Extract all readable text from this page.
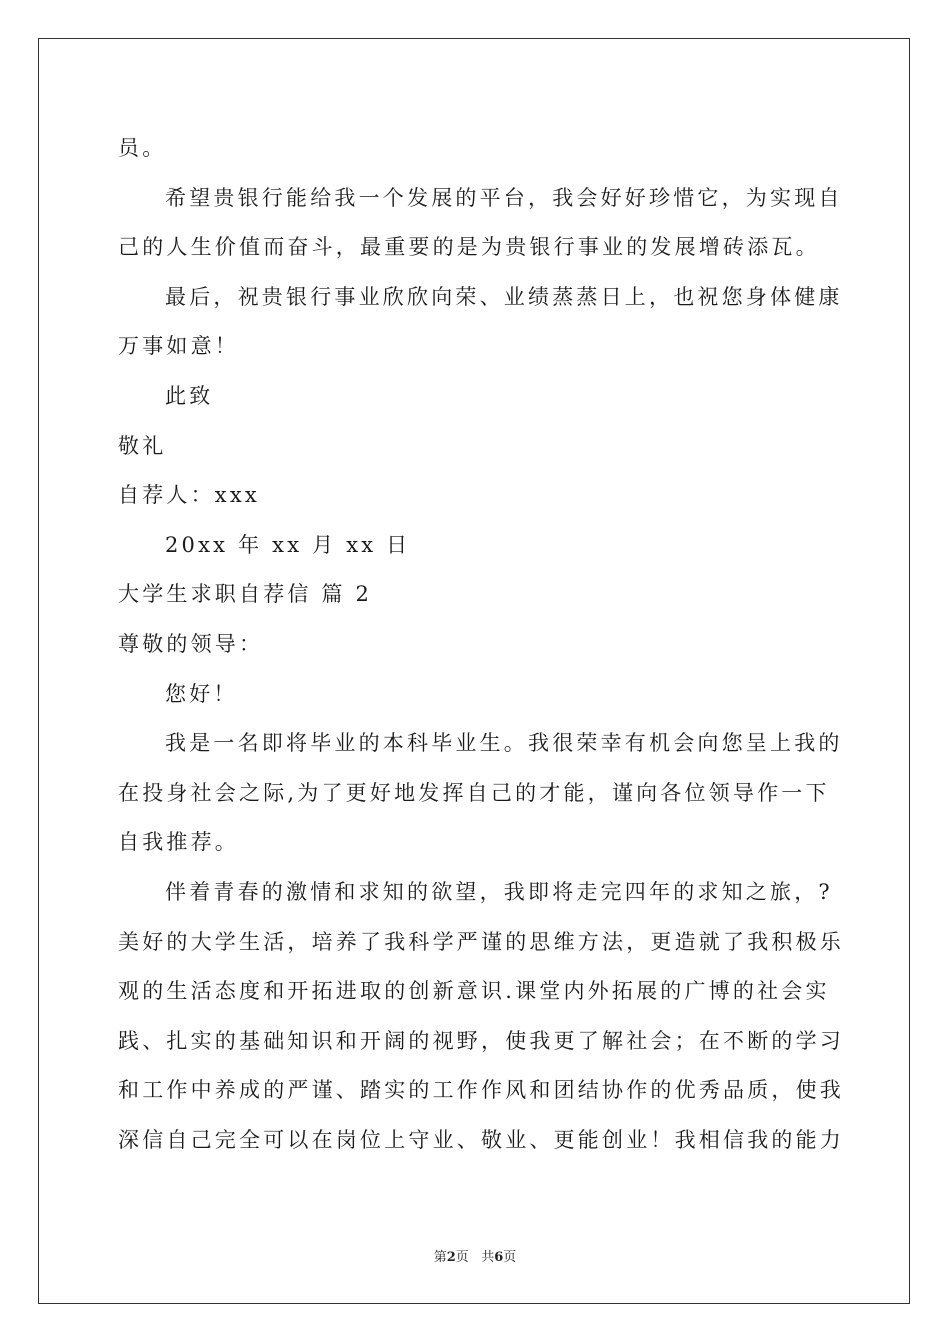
员。
希望贵银行能给我一个发展的平台，我会好好珍惜它，为实现自
己的人生价值而奋斗，最重要的是为贵银行事业的发展增砖添瓦。
最后，祝贵银行事业欣欣向荣、业绩蒸蒸日上，也祝您身体健康
万事如意！
此致
敬礼
自荐人：xxx
20xx 年 xx 月 xx 日
大学生求职自荐信 篇 2
尊敬的领导：
您好！
我是一名即将毕业的本科毕业生。我很荣幸有机会向您呈上我的
在投身社会之际,为了更好地发挥自己的才能，谨向各位领导作一下
自我推荐。
伴着青春的激情和求知的欲望，我即将走完四年的求知之旅，?
美好的大学生活，培养了我科学严谨的思维方法，更造就了我积极乐
观的生活态度和开拓进取的创新意识.课堂内外拓展的广博的社会实
践、扎实的基础知识和开阔的视野，使我更了解社会；在不断的学习
和工作中养成的严谨、踏实的工作作风和团结协作的优秀品质，使我
深信自己完全可以在岗位上守业、敬业、更能创业！我相信我的能力
第2页 共6页
